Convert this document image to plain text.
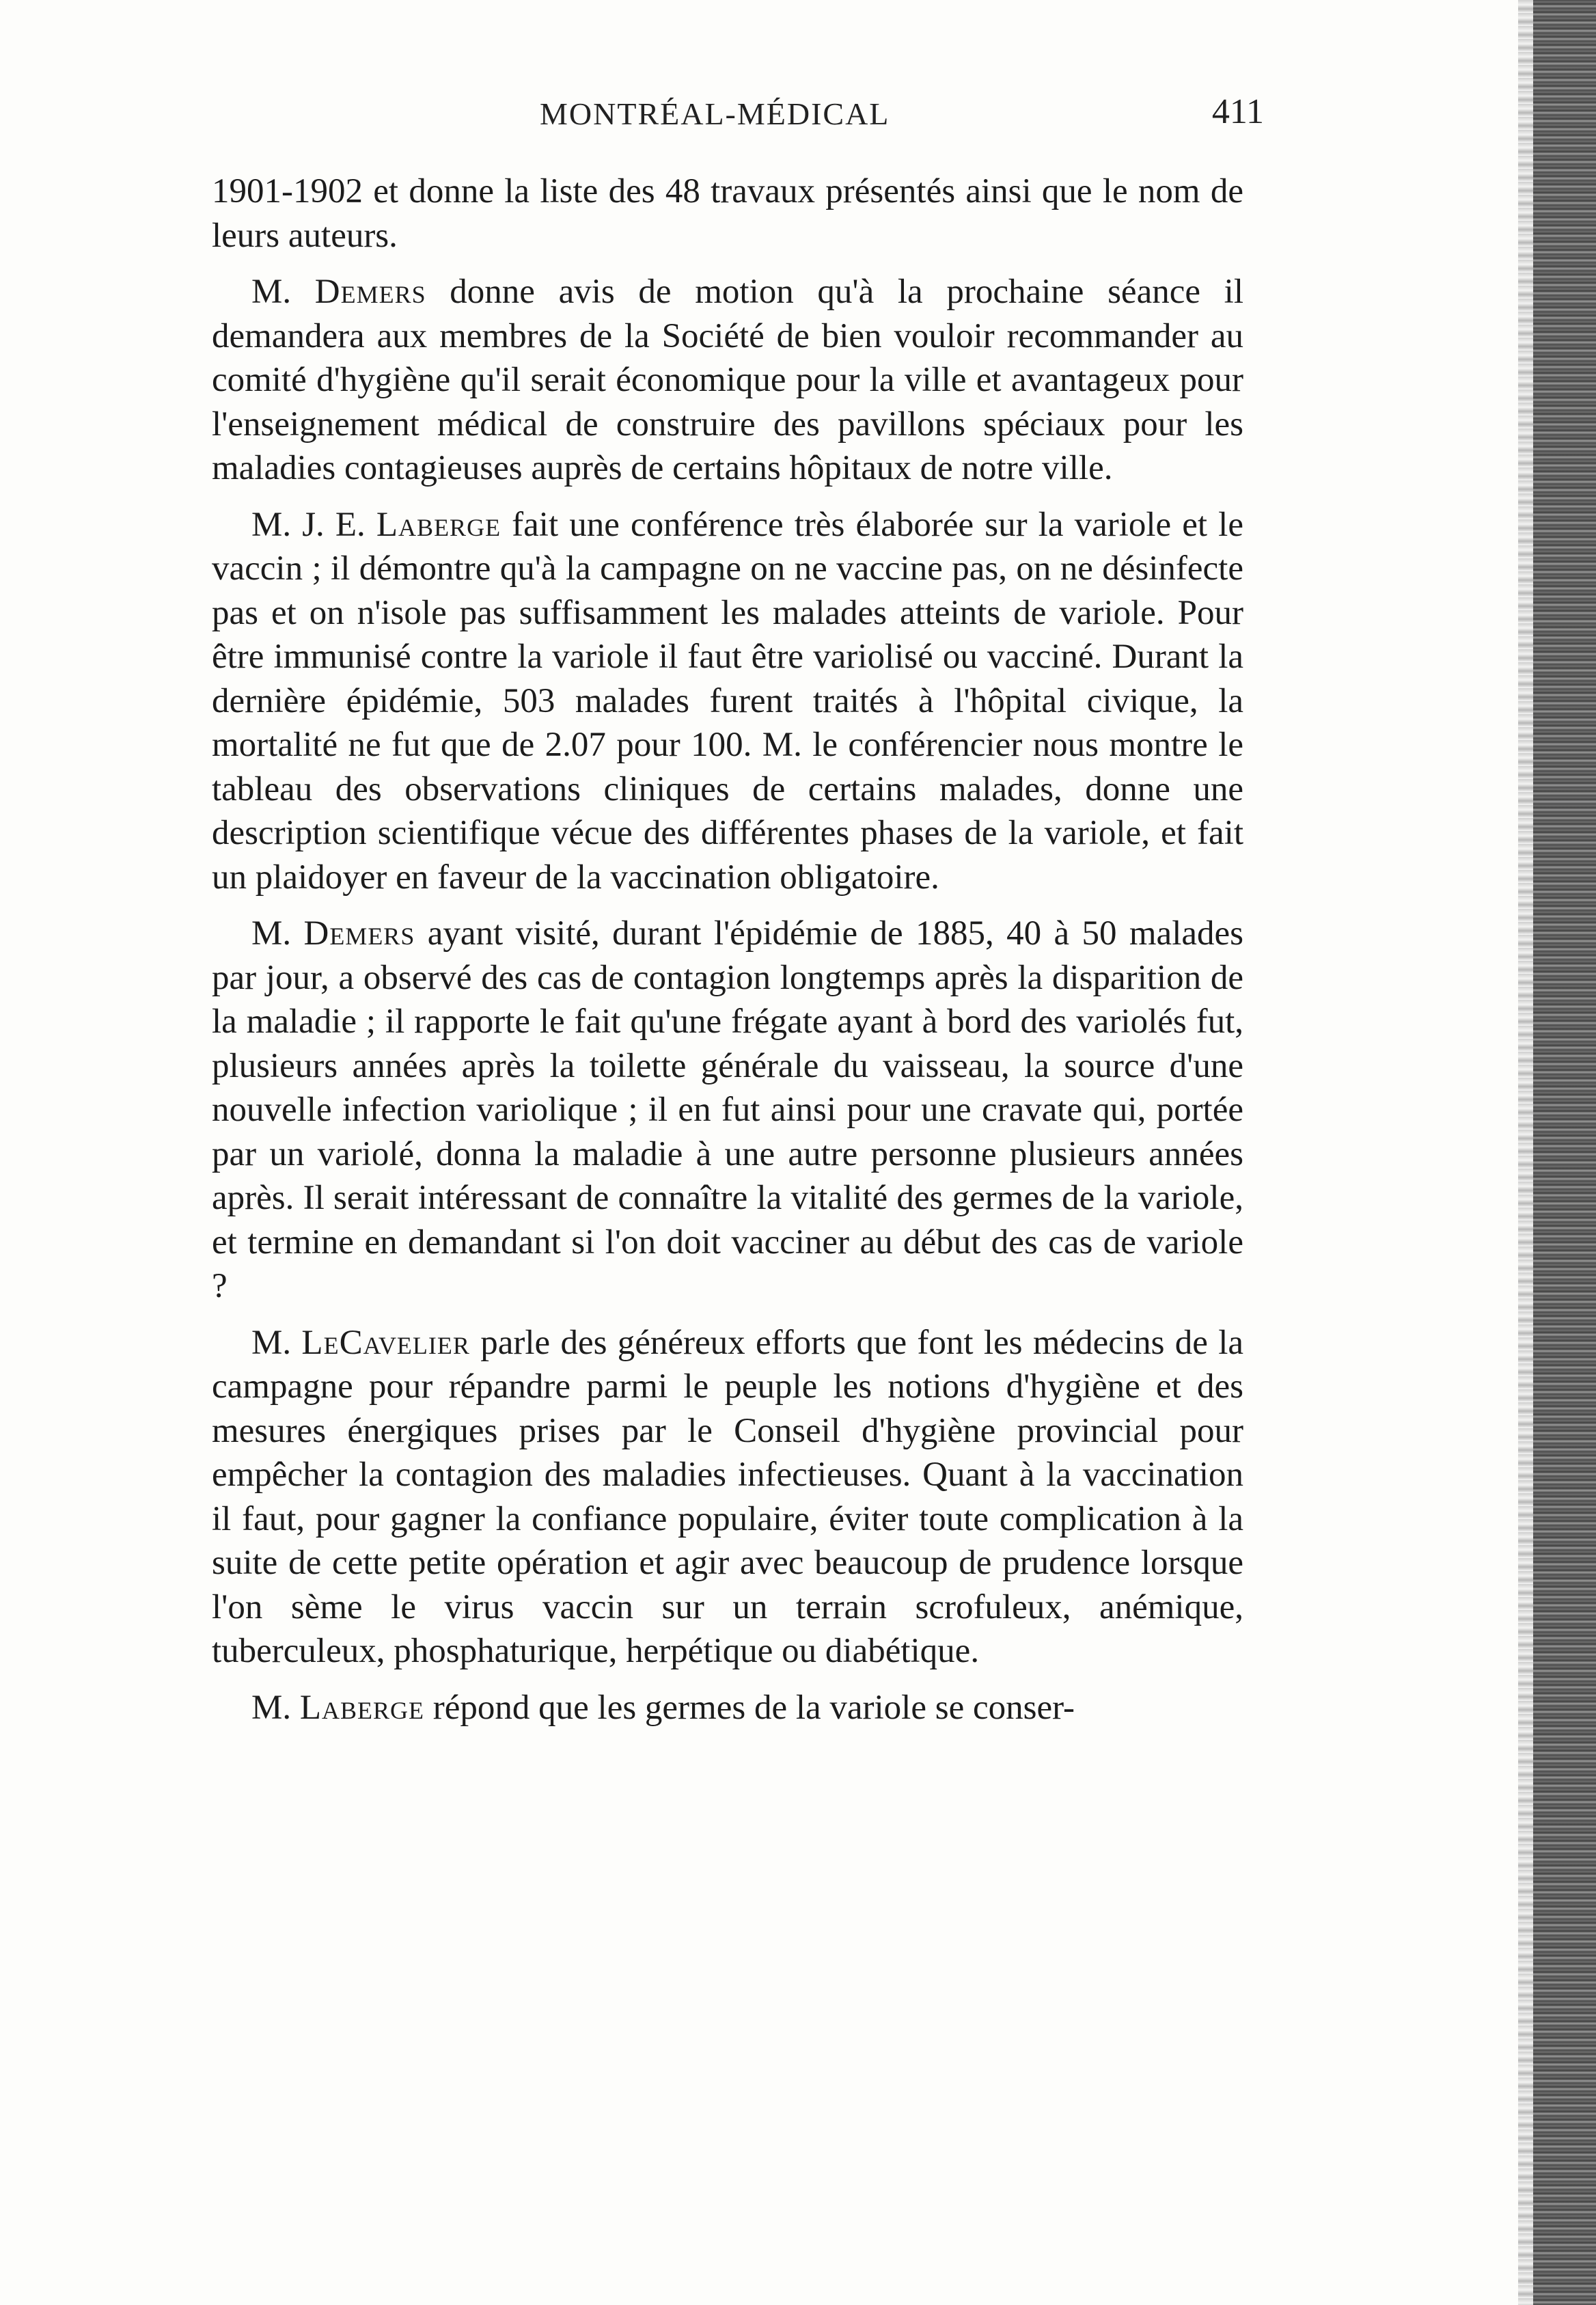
MONTRÉAL-MÉDICAL	411

1901-1902 et donne la liste des 48 travaux présentés ainsi que le nom de leurs auteurs.

M. Demers donne avis de motion qu'à la prochaine séance il demandera aux membres de la Société de bien vouloir recommander au comité d'hygiène qu'il serait économique pour la ville et avantageux pour l'enseignement médical de construire des pavillons spéciaux pour les maladies contagieuses auprès de certains hôpitaux de notre ville.

M. J. E. Laberge fait une conférence très élaborée sur la variole et le vaccin ; il démontre qu'à la campagne on ne vaccine pas, on ne désinfecte pas et on n'isole pas suffisamment les malades atteints de variole. Pour être immunisé contre la variole il faut être variolisé ou vacciné. Durant la dernière épidémie, 503 malades furent traités à l'hôpital civique, la mortalité ne fut que de 2.07 pour 100. M. le conférencier nous montre le tableau des observations cliniques de certains malades, donne une description scientifique vécue des différentes phases de la variole, et fait un plaidoyer en faveur de la vaccination obligatoire.

M. Demers ayant visité, durant l'épidémie de 1885, 40 à 50 malades par jour, a observé des cas de contagion longtemps après la disparition de la maladie ; il rapporte le fait qu'une frégate ayant à bord des variolés fut, plusieurs années après la toilette générale du vaisseau, la source d'une nouvelle infection variolique ; il en fut ainsi pour une cravate qui, portée par un variolé, donna la maladie à une autre personne plusieurs années après. Il serait intéressant de connaître la vitalité des germes de la variole, et termine en demandant si l'on doit vacciner au début des cas de variole ?

M. LeCavelier parle des généreux efforts que font les médecins de la campagne pour répandre parmi le peuple les notions d'hygiène et des mesures énergiques prises par le Conseil d'hygiène provincial pour empêcher la contagion des maladies infectieuses. Quant à la vaccination il faut, pour gagner la confiance populaire, éviter toute complication à la suite de cette petite opération et agir avec beaucoup de prudence lorsque l'on sème le virus vaccin sur un terrain scrofuleux, anémique, tuberculeux, phosphaturique, herpétique ou diabétique.

M. Laberge répond que les germes de la variole se conser-
